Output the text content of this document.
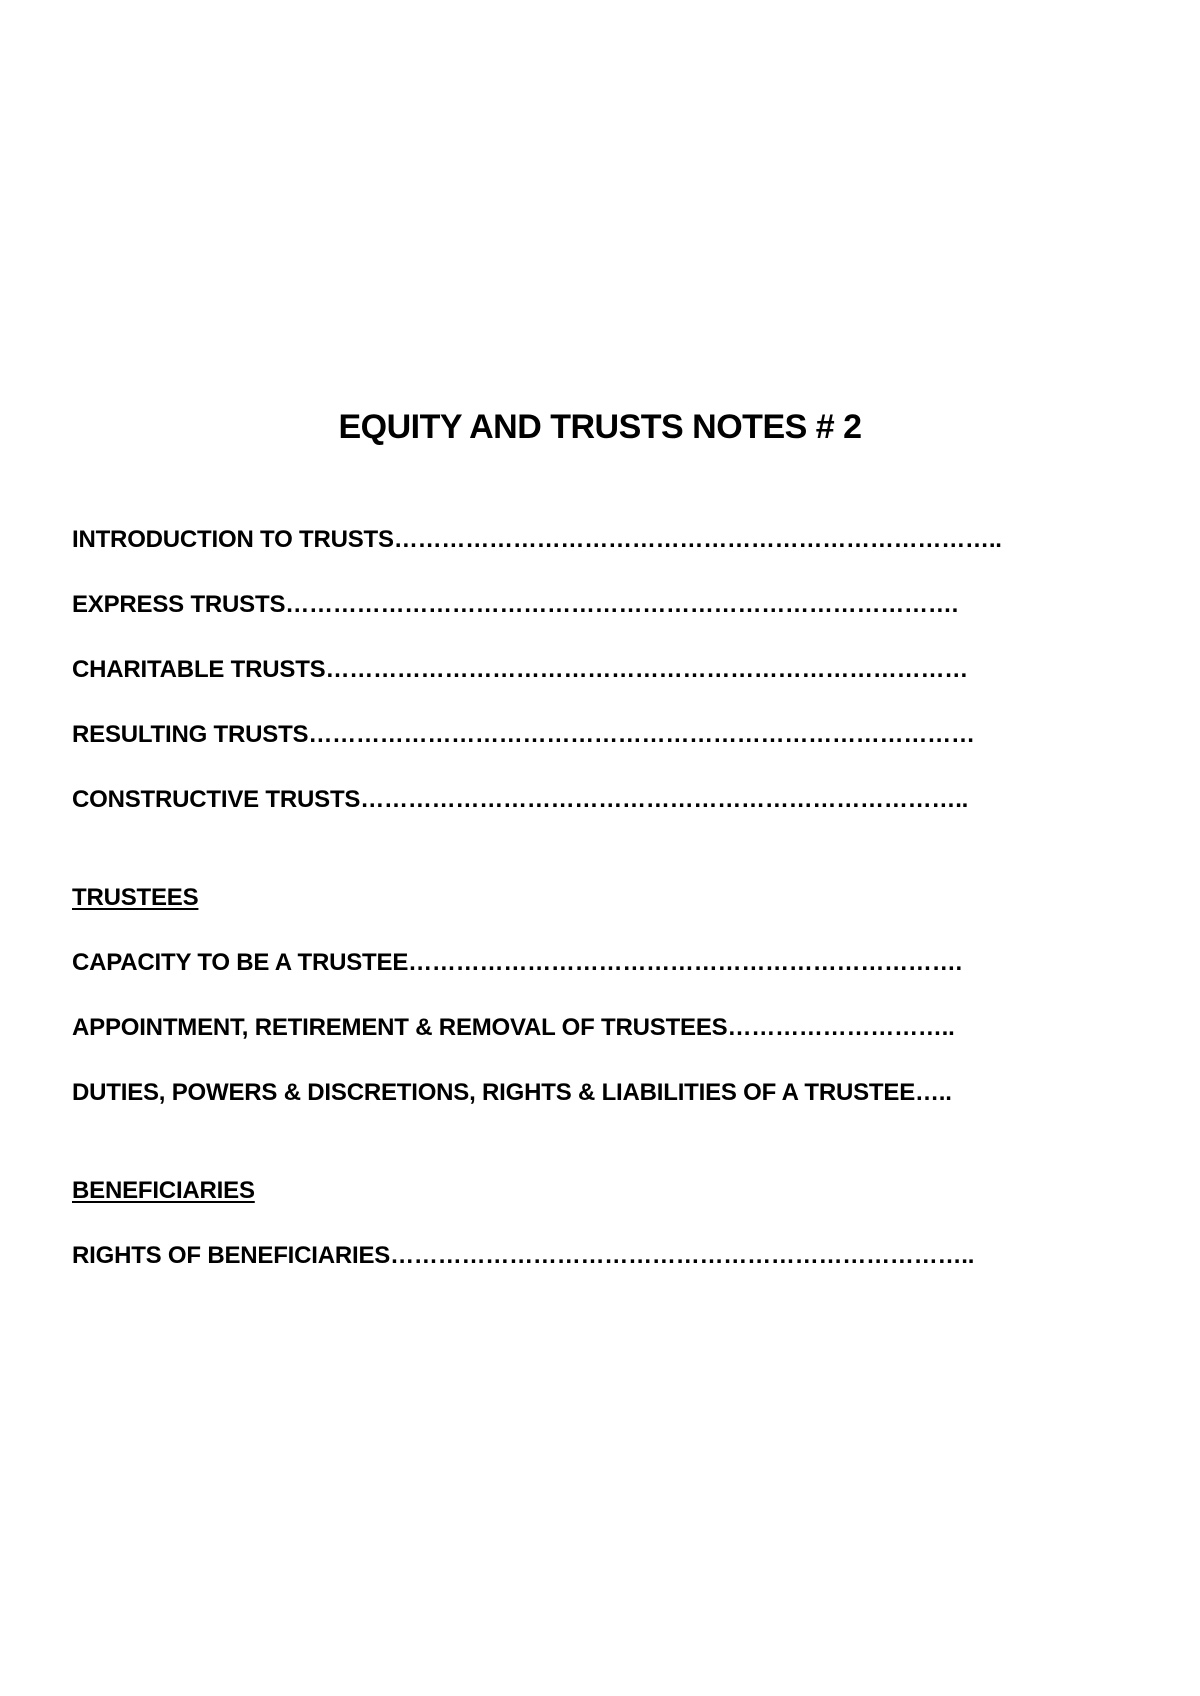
EQUITY AND TRUSTS NOTES # 2
INTRODUCTION TO TRUSTS…………………………………………………………………..
EXPRESS TRUSTS………………………………………………………………………….
CHARITABLE TRUSTS………………………………………………………………………
RESULTING TRUSTS…………………………………………………………………………
CONSTRUCTIVE TRUSTS…………………………………………………………………..
TRUSTEES
CAPACITY TO BE A TRUSTEE…………………………………………………………….
APPOINTMENT, RETIREMENT & REMOVAL OF TRUSTEES………………………..
DUTIES, POWERS & DISCRETIONS, RIGHTS & LIABILITIES OF A TRUSTEE…..
BENEFICIARIES
RIGHTS OF BENEFICIARIES………………………………………………………………..
